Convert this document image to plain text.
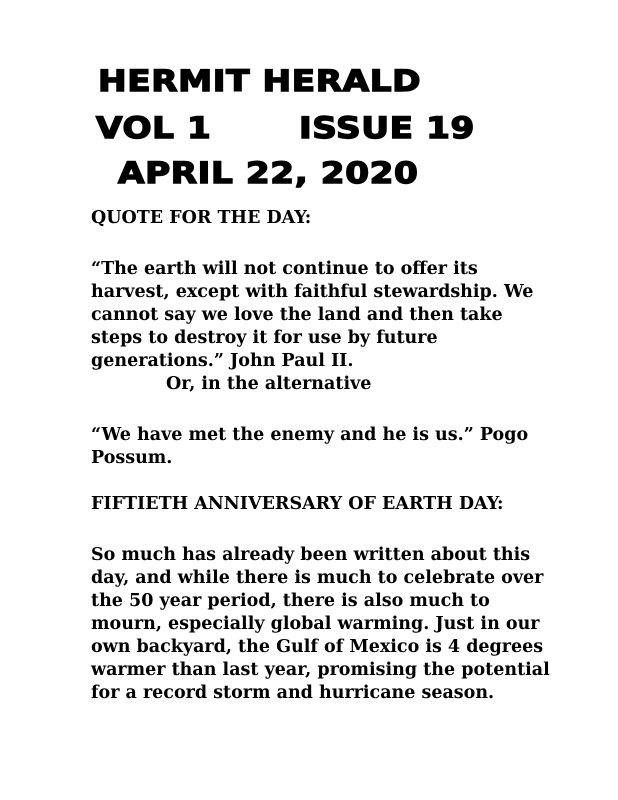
HERMIT HERALD
VOL 1       ISSUE 19
APRIL 22, 2020
QUOTE FOR THE DAY:
“The earth will not continue to offer its
harvest, except with faithful stewardship. We
cannot say we love the land and then take
steps to destroy it for use by future
generations.” John Paul II.
Or, in the alternative
“We have met the enemy and he is us.” Pogo
Possum.
FIFTIETH ANNIVERSARY OF EARTH DAY:
So much has already been written about this
day, and while there is much to celebrate over
the 50 year period, there is also much to
mourn, especially global warming. Just in our
own backyard, the Gulf of Mexico is 4 degrees
warmer than last year, promising the potential
for a record storm and hurricane season.
